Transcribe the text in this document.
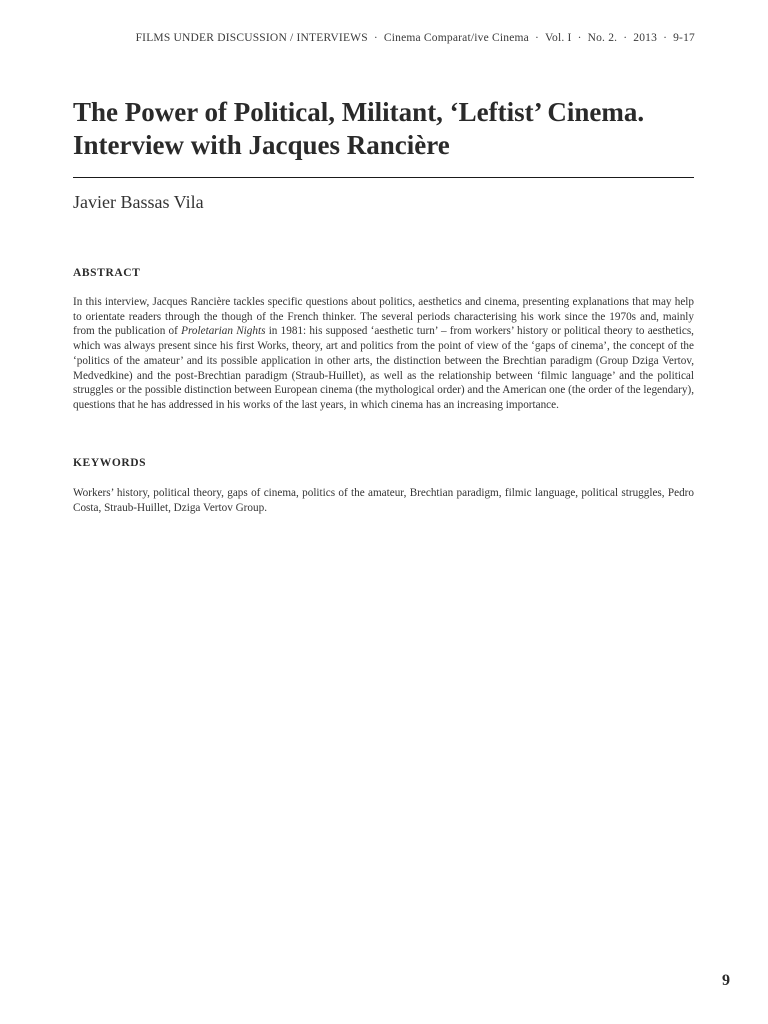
FILMS UNDER DISCUSSION / INTERVIEWS · Cinema Comparat/ive Cinema · Vol. I · No. 2. · 2013 · 9-17
The Power of Political, Militant, ‘Leftist’ Cinema. Interview with Jacques Rancière
Javier Bassas Vila
ABSTRACT

In this interview, Jacques Rancière tackles specific questions about politics, aesthetics and cinema, presenting explanations that may help to orientate readers through the though of the French thinker. The several periods characterising his work since the 1970s and, mainly from the publication of Proletarian Nights in 1981: his supposed ‘aesthetic turn’ – from workers’ history or political theory to aesthetics, which was always present since his first Works, theory, art and politics from the point of view of the ‘gaps of cinema’, the concept of the ‘politics of the amateur’ and its possible application in other arts, the distinction between the Brechtian paradigm (Group Dziga Vertov, Medvedkine) and the post-Brechtian paradigm (Straub-Huillet), as well as the relationship between ‘filmic language’ and the political struggles or the possible distinction between European cinema (the mythological order) and the American one (the order of the legendary), questions that he has addressed in his works of the last years, in which cinema has an increasing importance.

KEYWORDS

Workers’ history, political theory, gaps of cinema, politics of the amateur, Brechtian paradigm, filmic language, political struggles, Pedro Costa, Straub-Huillet, Dziga Vertov Group.

9
